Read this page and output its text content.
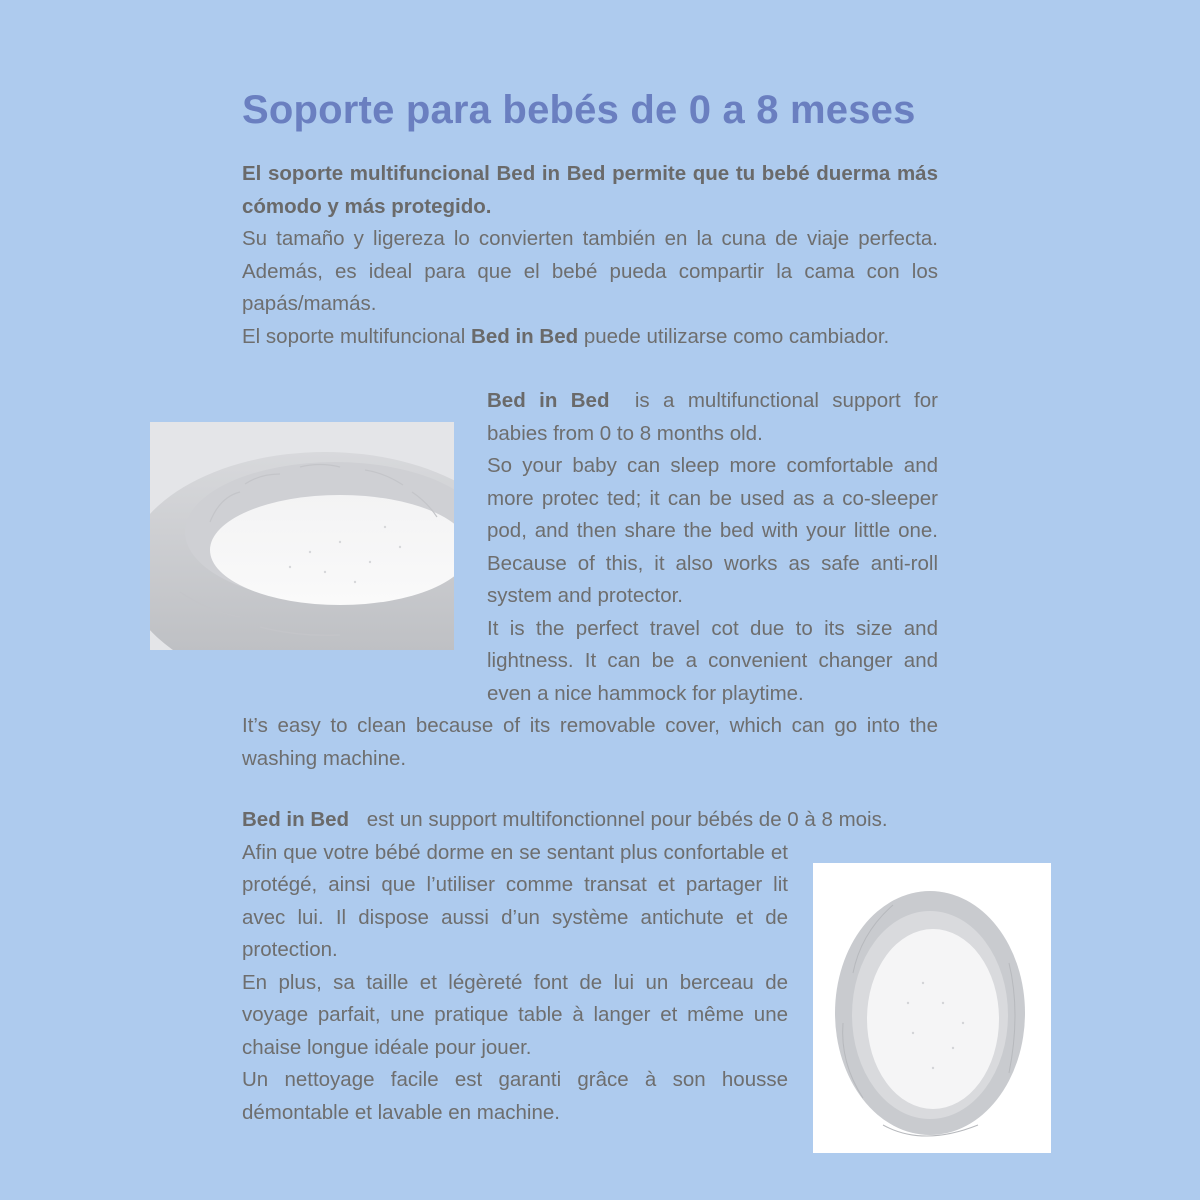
Soporte para bebés de 0 a 8 meses
El soporte multifuncional Bed in Bed permite que tu bebé duerma más cómodo y más protegido.
Su tamaño y ligereza lo convierten también en la cuna de viaje perfecta. Además, es ideal para que el bebé pueda compartir la cama con los papás/mamás.
El soporte multifuncional Bed in Bed puede utilizarse como cambiador.
Bed in Bed is a multifunctional support for babies from 0 to 8 months old.
So your baby can sleep more comfortable and more protec ted; it can be used as a co-sleeper pod, and then share the bed with your little one. Because of this, it also works as safe anti-roll system and protector.
It is the perfect travel cot due to its size and lightness. It can be a convenient changer and even a nice hammock for playtime.
It’s easy to clean because of its removable cover, which can go into the washing machine.
Bed in Bed est un support multifonctionnel pour bébés de 0 à 8 mois.
Afin que votre bébé dorme en se sentant plus confortable et protégé, ainsi que l’utiliser comme transat et partager lit avec lui. Il dispose aussi d’un système antichute et de protection.
En plus, sa taille et légèreté font de lui un berceau de voyage parfait, une pratique table à langer et même une chaise longue idéale pour jouer.
Un nettoyage facile est garanti grâce à son housse démontable et lavable en machine.
